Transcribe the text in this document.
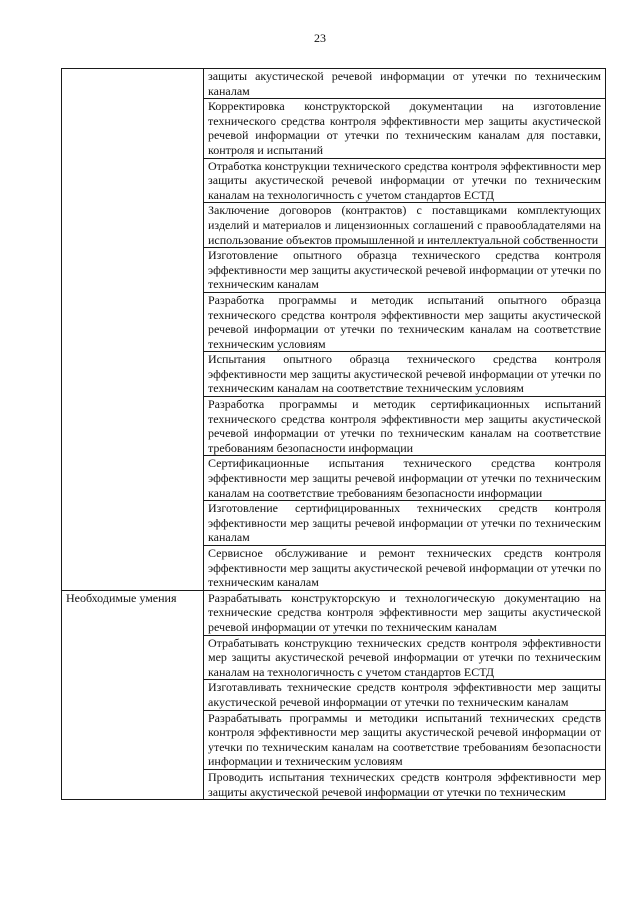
23
	защиты акустической речевой информации от утечки по техническим каналам
	Корректировка конструкторской документации на изготовление технического средства контроля эффективности мер защиты акустической речевой информации от утечки по техническим каналам для поставки, контроля и испытаний
	Отработка конструкции технического средства контроля эффективности мер защиты акустической речевой информации от утечки по техническим каналам на технологичность с учетом стандартов ЕСТД
	Заключение договоров (контрактов) с поставщиками комплектующих изделий и материалов и лицензионных соглашений с правообладателями на использование объектов промышленной и интеллектуальной собственности
	Изготовление опытного образца технического средства контроля эффективности мер защиты акустической речевой информации от утечки по техническим каналам
	Разработка программы и методик испытаний опытного образца технического средства контроля эффективности мер защиты акустической речевой информации от утечки по техническим каналам на соответствие техническим условиям
	Испытания опытного образца технического средства контроля эффективности мер защиты акустической речевой информации от утечки по техническим каналам на соответствие техническим условиям
	Разработка программы и методик сертификационных испытаний технического средства контроля эффективности мер защиты акустической речевой информации от утечки по техническим каналам на соответствие требованиям безопасности информации
	Сертификационные испытания технического средства контроля эффективности мер защиты речевой информации от утечки по техническим каналам на соответствие требованиям безопасности информации
	Изготовление сертифицированных технических средств контроля эффективности мер защиты речевой информации от утечки по техническим каналам
	Сервисное обслуживание и ремонт технических средств контроля эффективности мер защиты акустической речевой информации от утечки по техническим каналам
Необходимые умения	Разрабатывать конструкторскую и технологическую документацию на технические средства контроля эффективности мер защиты акустической речевой информации от утечки по техническим каналам
	Отрабатывать конструкцию технических средств контроля эффективности мер защиты акустической речевой информации от утечки по техническим каналам на технологичность с учетом стандартов ЕСТД
	Изготавливать технические средств контроля эффективности мер защиты акустической речевой информации от утечки по техническим каналам
	Разрабатывать программы и методики испытаний технических средств контроля эффективности мер защиты акустической речевой информации от утечки по техническим каналам на соответствие требованиям безопасности информации и техническим условиям
	Проводить испытания технических средств контроля эффективности мер защиты акустической речевой информации от утечки по техническим
